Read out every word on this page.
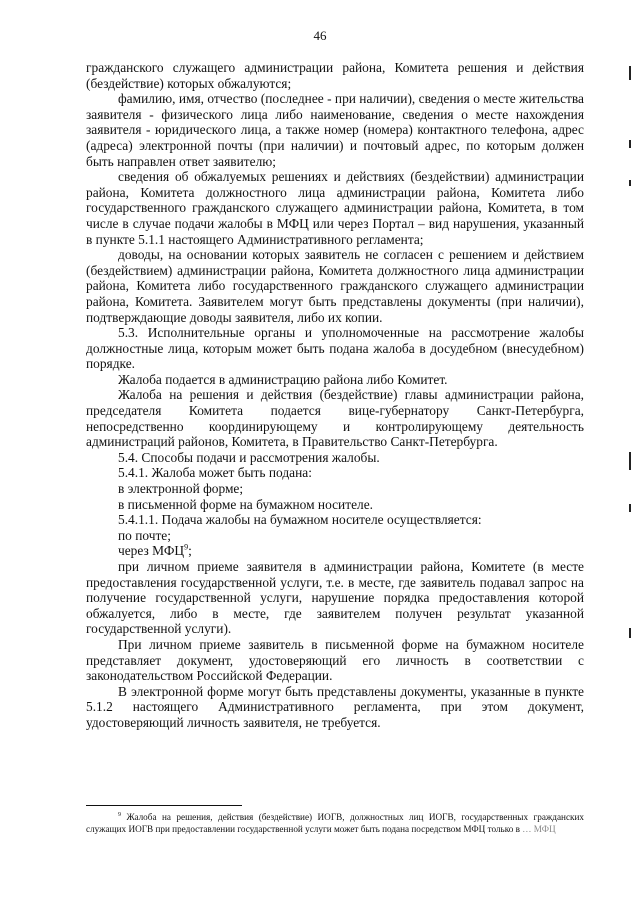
46

гражданского служащего администрации района, Комитета решения и действия (бездействие) которых обжалуются;

фамилию, имя, отчество (последнее - при наличии), сведения о месте жительства заявителя - физического лица либо наименование, сведения о месте нахождения заявителя - юридического лица, а также номер (номера) контактного телефона, адрес (адреса) электронной почты (при наличии) и почтовый адрес, по которым должен быть направлен ответ заявителю;

сведения об обжалуемых решениях и действиях (бездействии) администрации района, Комитета должностного лица администрации района, Комитета либо государственного гражданского служащего администрации района, Комитета, в том числе в случае подачи жалобы в МФЦ или через Портал – вид нарушения, указанный в пункте 5.1.1 настоящего Административного регламента;

доводы, на основании которых заявитель не согласен с решением и действием (бездействием) администрации района, Комитета должностного лица администрации района, Комитета либо государственного гражданского служащего администрации района, Комитета. Заявителем могут быть представлены документы (при наличии), подтверждающие доводы заявителя, либо их копии.

5.3. Исполнительные органы и уполномоченные на рассмотрение жалобы должностные лица, которым может быть подана жалоба в досудебном (внесудебном) порядке.

Жалоба подается в администрацию района либо Комитет.

Жалоба на решения и действия (бездействие) главы администрации района, председателя Комитета подается вице-губернатору Санкт-Петербурга, непосредственно координирующему и контролирующему деятельность администраций районов, Комитета, в Правительство Санкт-Петербурга.

5.4. Способы подачи и рассмотрения жалобы.

5.4.1. Жалоба может быть подана:

в электронной форме;

в письменной форме на бумажном носителе.

5.4.1.1. Подача жалобы на бумажном носителе осуществляется:

по почте;

через МФЦ$^9$;

при личном приеме заявителя в администрации района, Комитете (в месте предоставления государственной услуги, т.е. в месте, где заявитель подавал запрос на получение государственной услуги, нарушение порядка предоставления которой обжалуется, либо в месте, где заявителем получен результат указанной государственной услуги).

При личном приеме заявитель в письменной форме на бумажном носителе представляет документ, удостоверяющий его личность в соответствии с законодательством Российской Федерации.

В электронной форме могут быть представлены документы, указанные в пункте 5.1.2 настоящего Административного регламента, при этом документ, удостоверяющий личность заявителя, не требуется.

$^9$ Жалоба на решения, действия (бездействие) ИОГВ, должностных лиц ИОГВ, государственных гражданских служащих ИОГВ при предоставлении государственной услуги может быть подана посредством МФЦ только в … МФЦ
